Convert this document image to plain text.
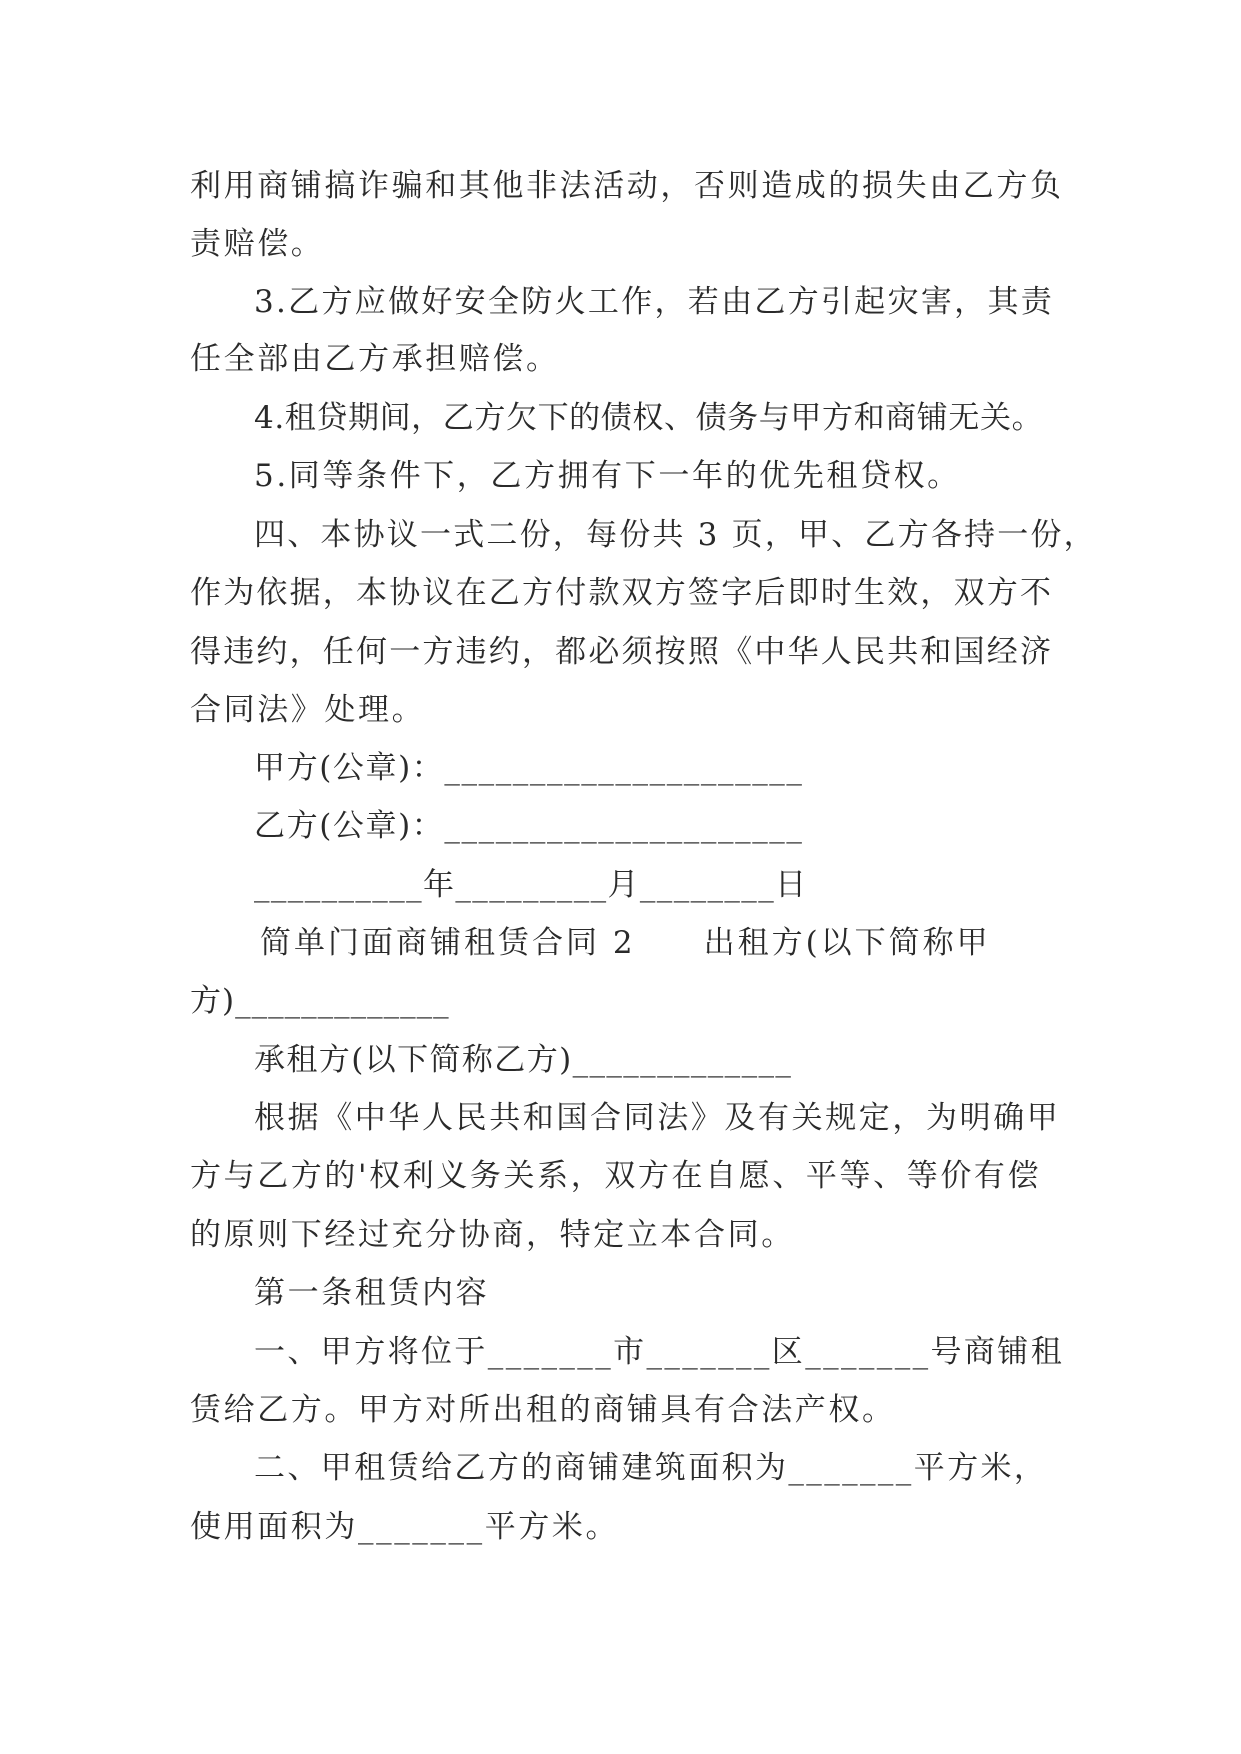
利用商铺搞诈骗和其他非法活动，否则造成的损失由乙方负
责赔偿。
3.乙方应做好安全防火工作，若由乙方引起灾害，其责
任全部由乙方承担赔偿。
4.租贷期间，乙方欠下的债权、债务与甲方和商铺无关。
5.同等条件下，乙方拥有下一年的优先租贷权。
四、本协议一式二份，每份共 3 页，甲、乙方各持一份，
作为依据，本协议在乙方付款双方签字后即时生效，双方不
得违约，任何一方违约，都必须按照《中华人民共和国经济
合同法》处理。
甲方(公章)：_____________________
乙方(公章)：_____________________
__________年_________月________日
简单门面商铺租赁合同 2　　出租方(以下简称甲
方)_____________
承租方(以下简称乙方)_____________
根据《中华人民共和国合同法》及有关规定，为明确甲
方与乙方的'权利义务关系，双方在自愿、平等、等价有偿
的原则下经过充分协商，特定立本合同。
第一条租赁内容
一、甲方将位于_______市_______区_______号商铺租
赁给乙方。甲方对所出租的商铺具有合法产权。
二、甲租赁给乙方的商铺建筑面积为_______平方米，
使用面积为_______平方米。
